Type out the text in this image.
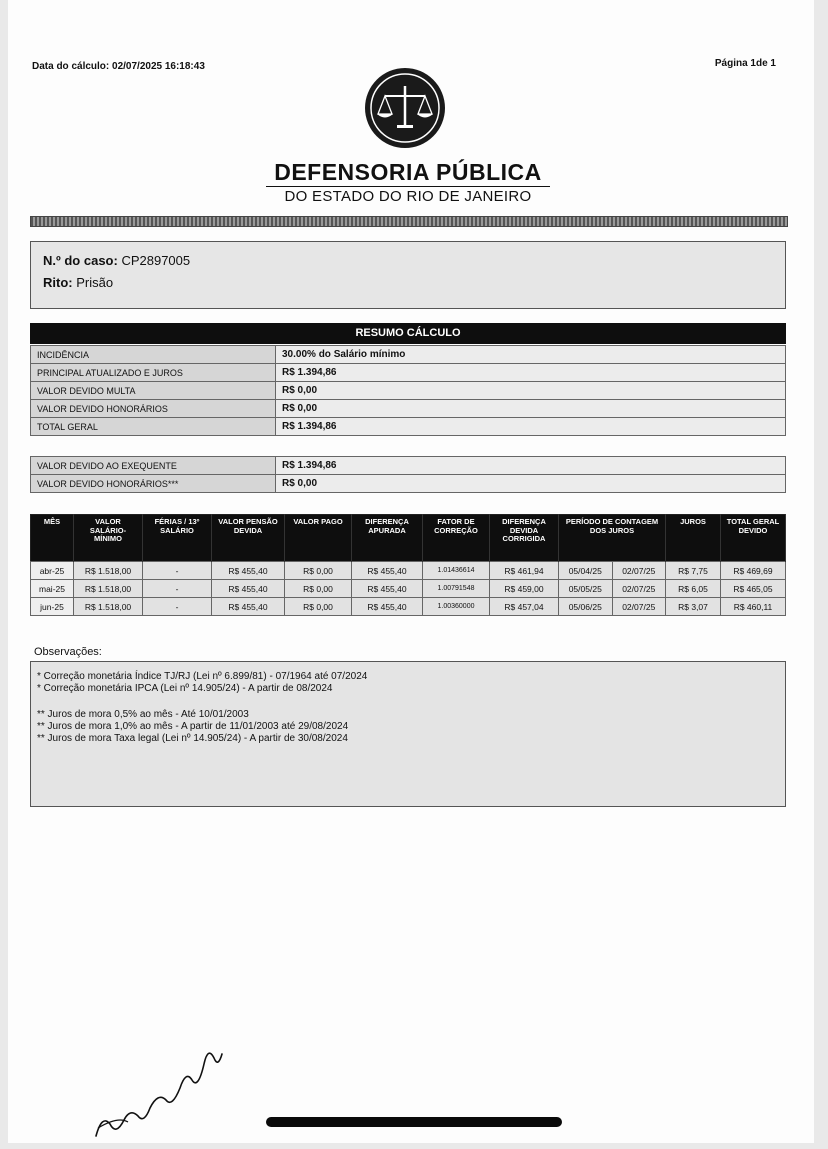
Data do cálculo: 02/07/2025 16:18:43	Página 1de 1
DEFENSORIA PÚBLICA
DO ESTADO DO RIO DE JANEIRO
N.º do caso: CP2897005
Rito: Prisão
RESUMO CÁLCULO
INCIDÊNCIA	30.00% do Salário mínimo
PRINCIPAL ATUALIZADO E JUROS	R$ 1.394,86
VALOR DEVIDO MULTA	R$ 0,00
VALOR DEVIDO HONORÁRIOS	R$ 0,00
TOTAL GERAL	R$ 1.394,86
VALOR DEVIDO AO EXEQUENTE	R$ 1.394,86
VALOR DEVIDO HONORÁRIOS***	R$ 0,00
MÊS	VALOR SALÁRIO-MÍNIMO	FÉRIAS / 13º SALÁRIO	VALOR PENSÃO DEVIDA	VALOR PAGO	DIFERENÇA APURADA	FATOR DE CORREÇÃO	DIFERENÇA DEVIDA CORRIGIDA	PERÍODO DE CONTAGEM DOS JUROS		JUROS	TOTAL GERAL DEVIDO
abr-25	R$ 1.518,00	-	R$ 455,40	R$ 0,00	R$ 455,40	1.01436614	R$ 461,94	05/04/25	02/07/25	R$ 7,75	R$ 469,69
mai-25	R$ 1.518,00	-	R$ 455,40	R$ 0,00	R$ 455,40	1.00791548	R$ 459,00	05/05/25	02/07/25	R$ 6,05	R$ 465,05
jun-25	R$ 1.518,00	-	R$ 455,40	R$ 0,00	R$ 455,40	1.00360000	R$ 457,04	05/06/25	02/07/25	R$ 3,07	R$ 460,11
Observações:
* Correção monetária Índice TJ/RJ (Lei nº 6.899/81) - 07/1964 até 07/2024
* Correção monetária IPCA (Lei nº 14.905/24) - A partir de 08/2024
** Juros de mora 0,5% ao mês - Até 10/01/2003
** Juros de mora 1,0% ao mês - A partir de 11/01/2003 até 29/08/2024
** Juros de mora Taxa legal (Lei nº 14.905/24) - A partir de 30/08/2024
